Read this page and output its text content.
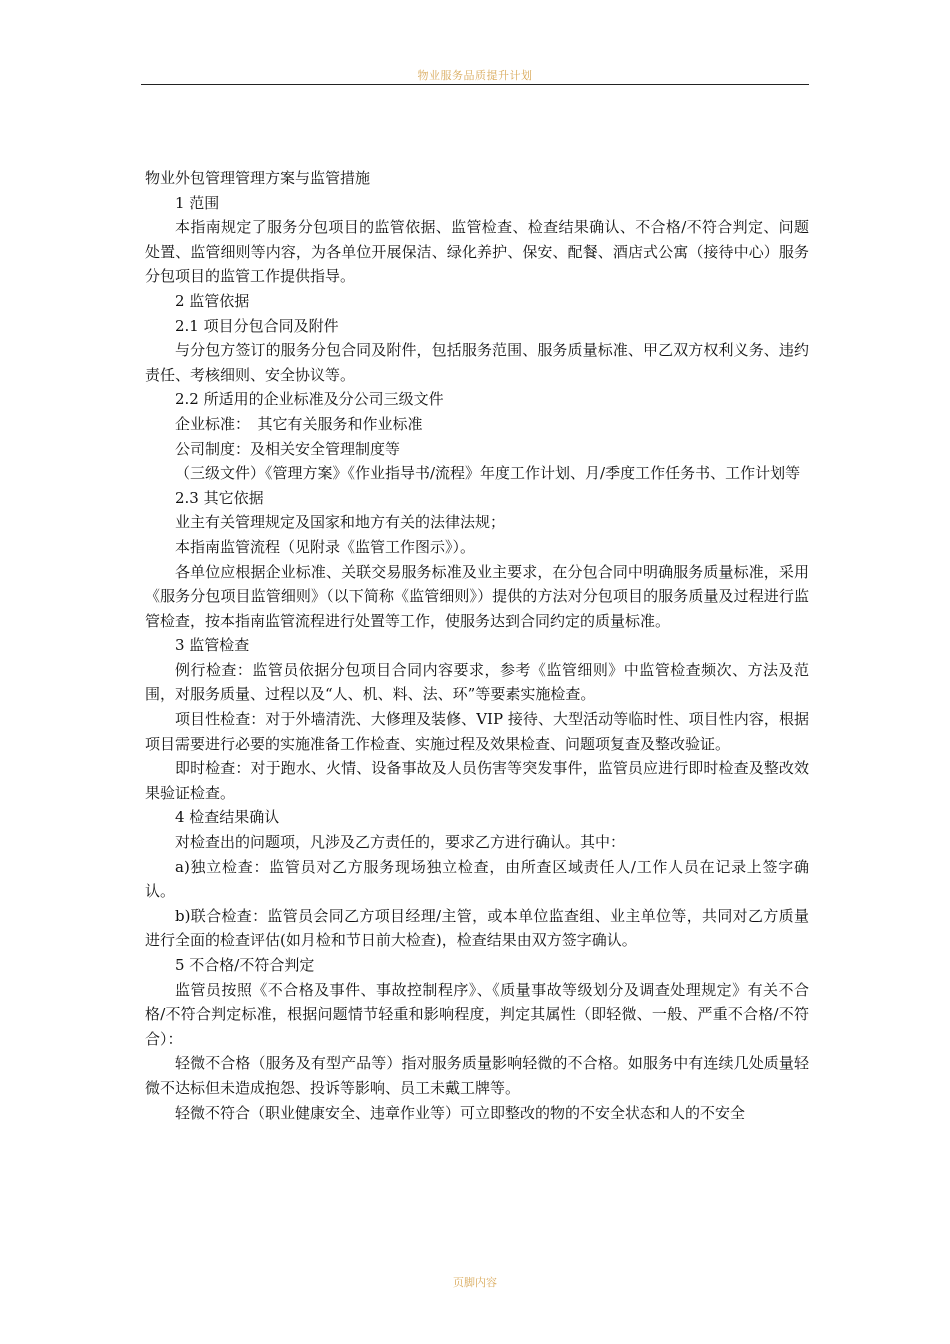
物业服务品质提升计划

物业外包管理管理方案与监管措施

1 范围

本指南规定了服务分包项目的监管依据、监管检查、检查结果确认、不合格/不符合判定、问题处置、监管细则等内容，为各单位开展保洁、绿化养护、保安、配餐、酒店式公寓（接待中心）服务分包项目的监管工作提供指导。

2 监管依据

2.1 项目分包合同及附件

与分包方签订的服务分包合同及附件，包括服务范围、服务质量标准、甲乙双方权利义务、违约责任、考核细则、安全协议等。

2.2 所适用的企业标准及分公司三级文件

企业标准：　其它有关服务和作业标准

公司制度：及相关安全管理制度等

（三级文件）《管理方案》《作业指导书/流程》年度工作计划、月/季度工作任务书、工作计划等

2.3 其它依据

业主有关管理规定及国家和地方有关的法律法规；

本指南监管流程（见附录《监管工作图示》）。

各单位应根据企业标准、关联交易服务标准及业主要求，在分包合同中明确服务质量标准，采用《服务分包项目监管细则》（以下简称《监管细则》）提供的方法对分包项目的服务质量及过程进行监管检查，按本指南监管流程进行处置等工作，使服务达到合同约定的质量标准。

3 监管检查

例行检查：监管员依据分包项目合同内容要求，参考《监管细则》中监管检查频次、方法及范围，对服务质量、过程以及“人、机、料、法、环”等要素实施检查。

项目性检查：对于外墙清洗、大修理及装修、VIP 接待、大型活动等临时性、项目性内容，根据项目需要进行必要的实施准备工作检查、实施过程及效果检查、问题项复查及整改验证。

即时检查：对于跑水、火情、设备事故及人员伤害等突发事件，监管员应进行即时检查及整改效果验证检查。

4 检查结果确认

对检查出的问题项，凡涉及乙方责任的，要求乙方进行确认。其中：

a)独立检查：监管员对乙方服务现场独立检查，由所查区域责任人/工作人员在记录上签字确认。

b)联合检查：监管员会同乙方项目经理/主管，或本单位监查组、业主单位等，共同对乙方质量进行全面的检查评估(如月检和节日前大检查)，检查结果由双方签字确认。

5 不合格/不符合判定

监管员按照《不合格及事件、事故控制程序》、《质量事故等级划分及调查处理规定》有关不合格/不符合判定标准，根据问题情节轻重和影响程度，判定其属性（即轻微、一般、严重不合格/不符合）：

轻微不合格（服务及有型产品等）指对服务质量影响轻微的不合格。如服务中有连续几处质量轻微不达标但未造成抱怨、投诉等影响、员工未戴工牌等。

轻微不符合（职业健康安全、违章作业等）可立即整改的物的不安全状态和人的不安全

页脚内容
